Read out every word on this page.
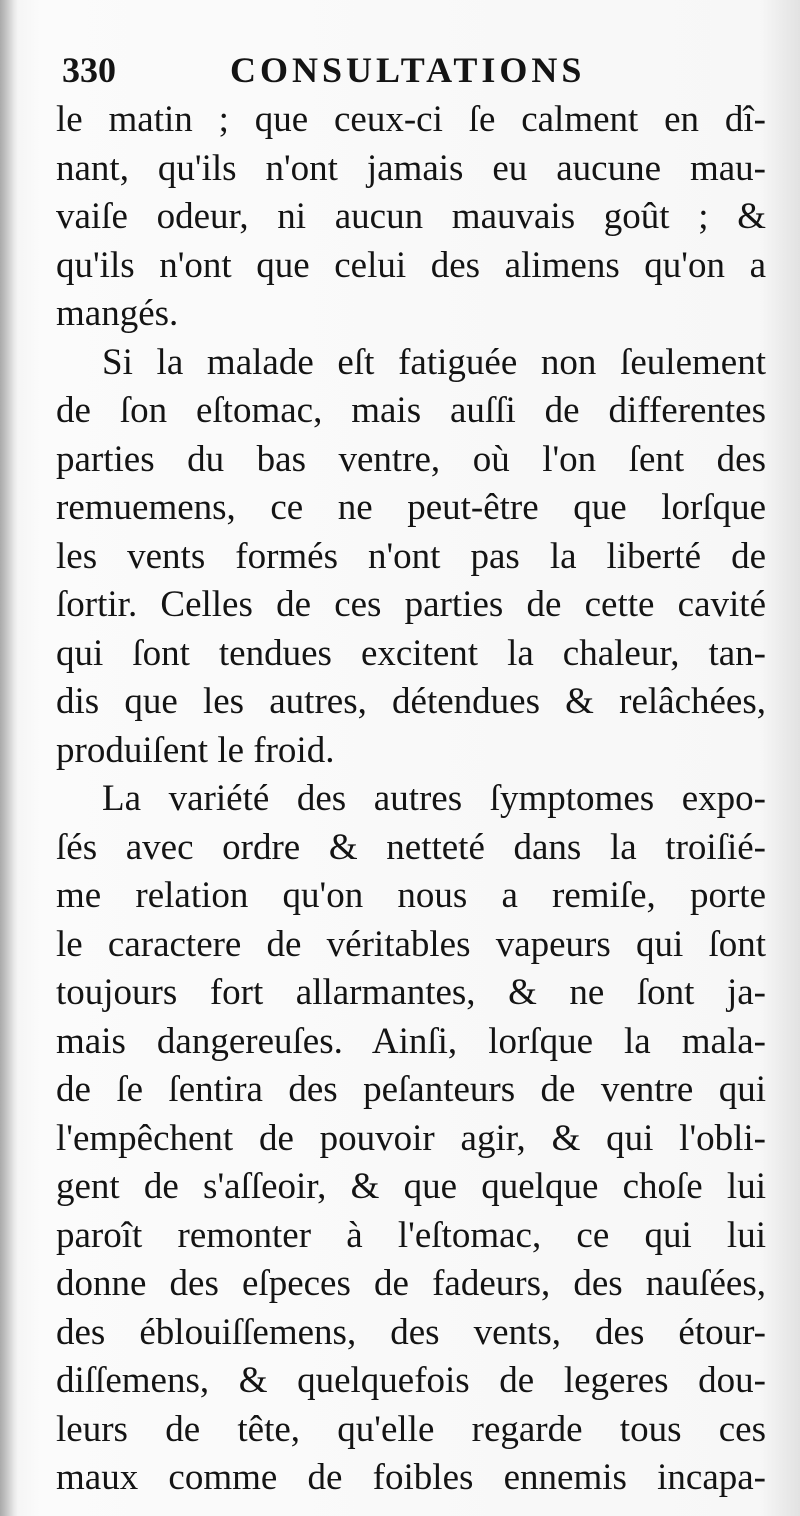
330	CONSULTATIONS
le matin ; que ceux-ci ſe calment en dî-
nant, qu'ils n'ont jamais eu aucune mau-
vaiſe odeur, ni aucun mauvais goût ; &
qu'ils n'ont que celui des alimens qu'on a
mangés.
Si la malade eſt fatiguée non ſeulement
de ſon eſtomac, mais auſſi de differentes
parties du bas ventre, où l'on ſent des
remuemens, ce ne peut-être que lorſque
les vents formés n'ont pas la liberté de
ſortir. Celles de ces parties de cette cavité
qui ſont tendues excitent la chaleur, tan-
dis que les autres, détendues & relâchées,
produiſent le froid.
La variété des autres ſymptomes expo-
ſés avec ordre & netteté dans la troiſié-
me relation qu'on nous a remiſe, porte
le caractere de véritables vapeurs qui ſont
toujours fort allarmantes, & ne ſont ja-
mais dangereuſes. Ainſi, lorſque la mala-
de ſe ſentira des peſanteurs de ventre qui
l'empêchent de pouvoir agir, & qui l'obli-
gent de s'aſſeoir, & que quelque choſe lui
paroît remonter à l'eſtomac, ce qui lui
donne des eſpeces de fadeurs, des nauſées,
des éblouiſſemens, des vents, des étour-
diſſemens, & quelquefois de legeres dou-
leurs de tête, qu'elle regarde tous ces
maux comme de foibles ennemis incapa-
